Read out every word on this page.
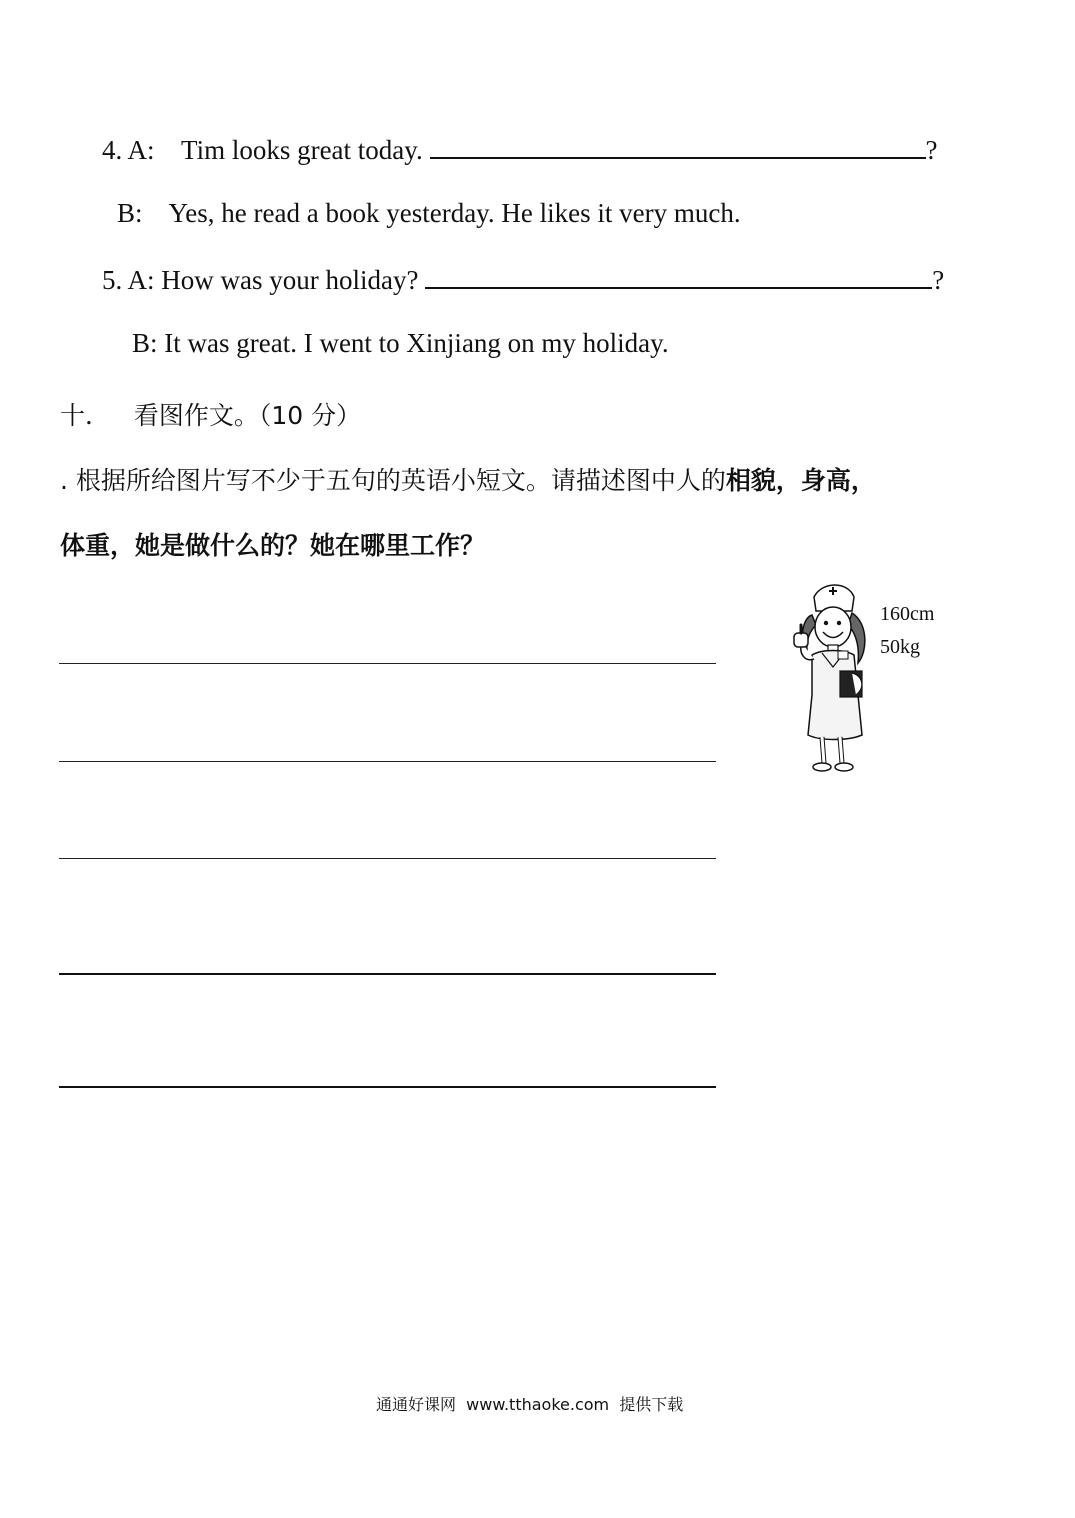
4. A: Tim looks great today.	?
B: Yes, he read a book yesterday. He likes it very much.
5. A: How was your holiday?	?
B: It was great. I went to Xinjiang on my holiday.
十． 看图作文。（10 分）
. 根据所给图片写不少于五句的英语小短文。请描述图中人的相貌，身高，
体重，她是做什么的？她在哪里工作？
160cm
50kg
通通好课网  www.tthaoke.com  提供下载
